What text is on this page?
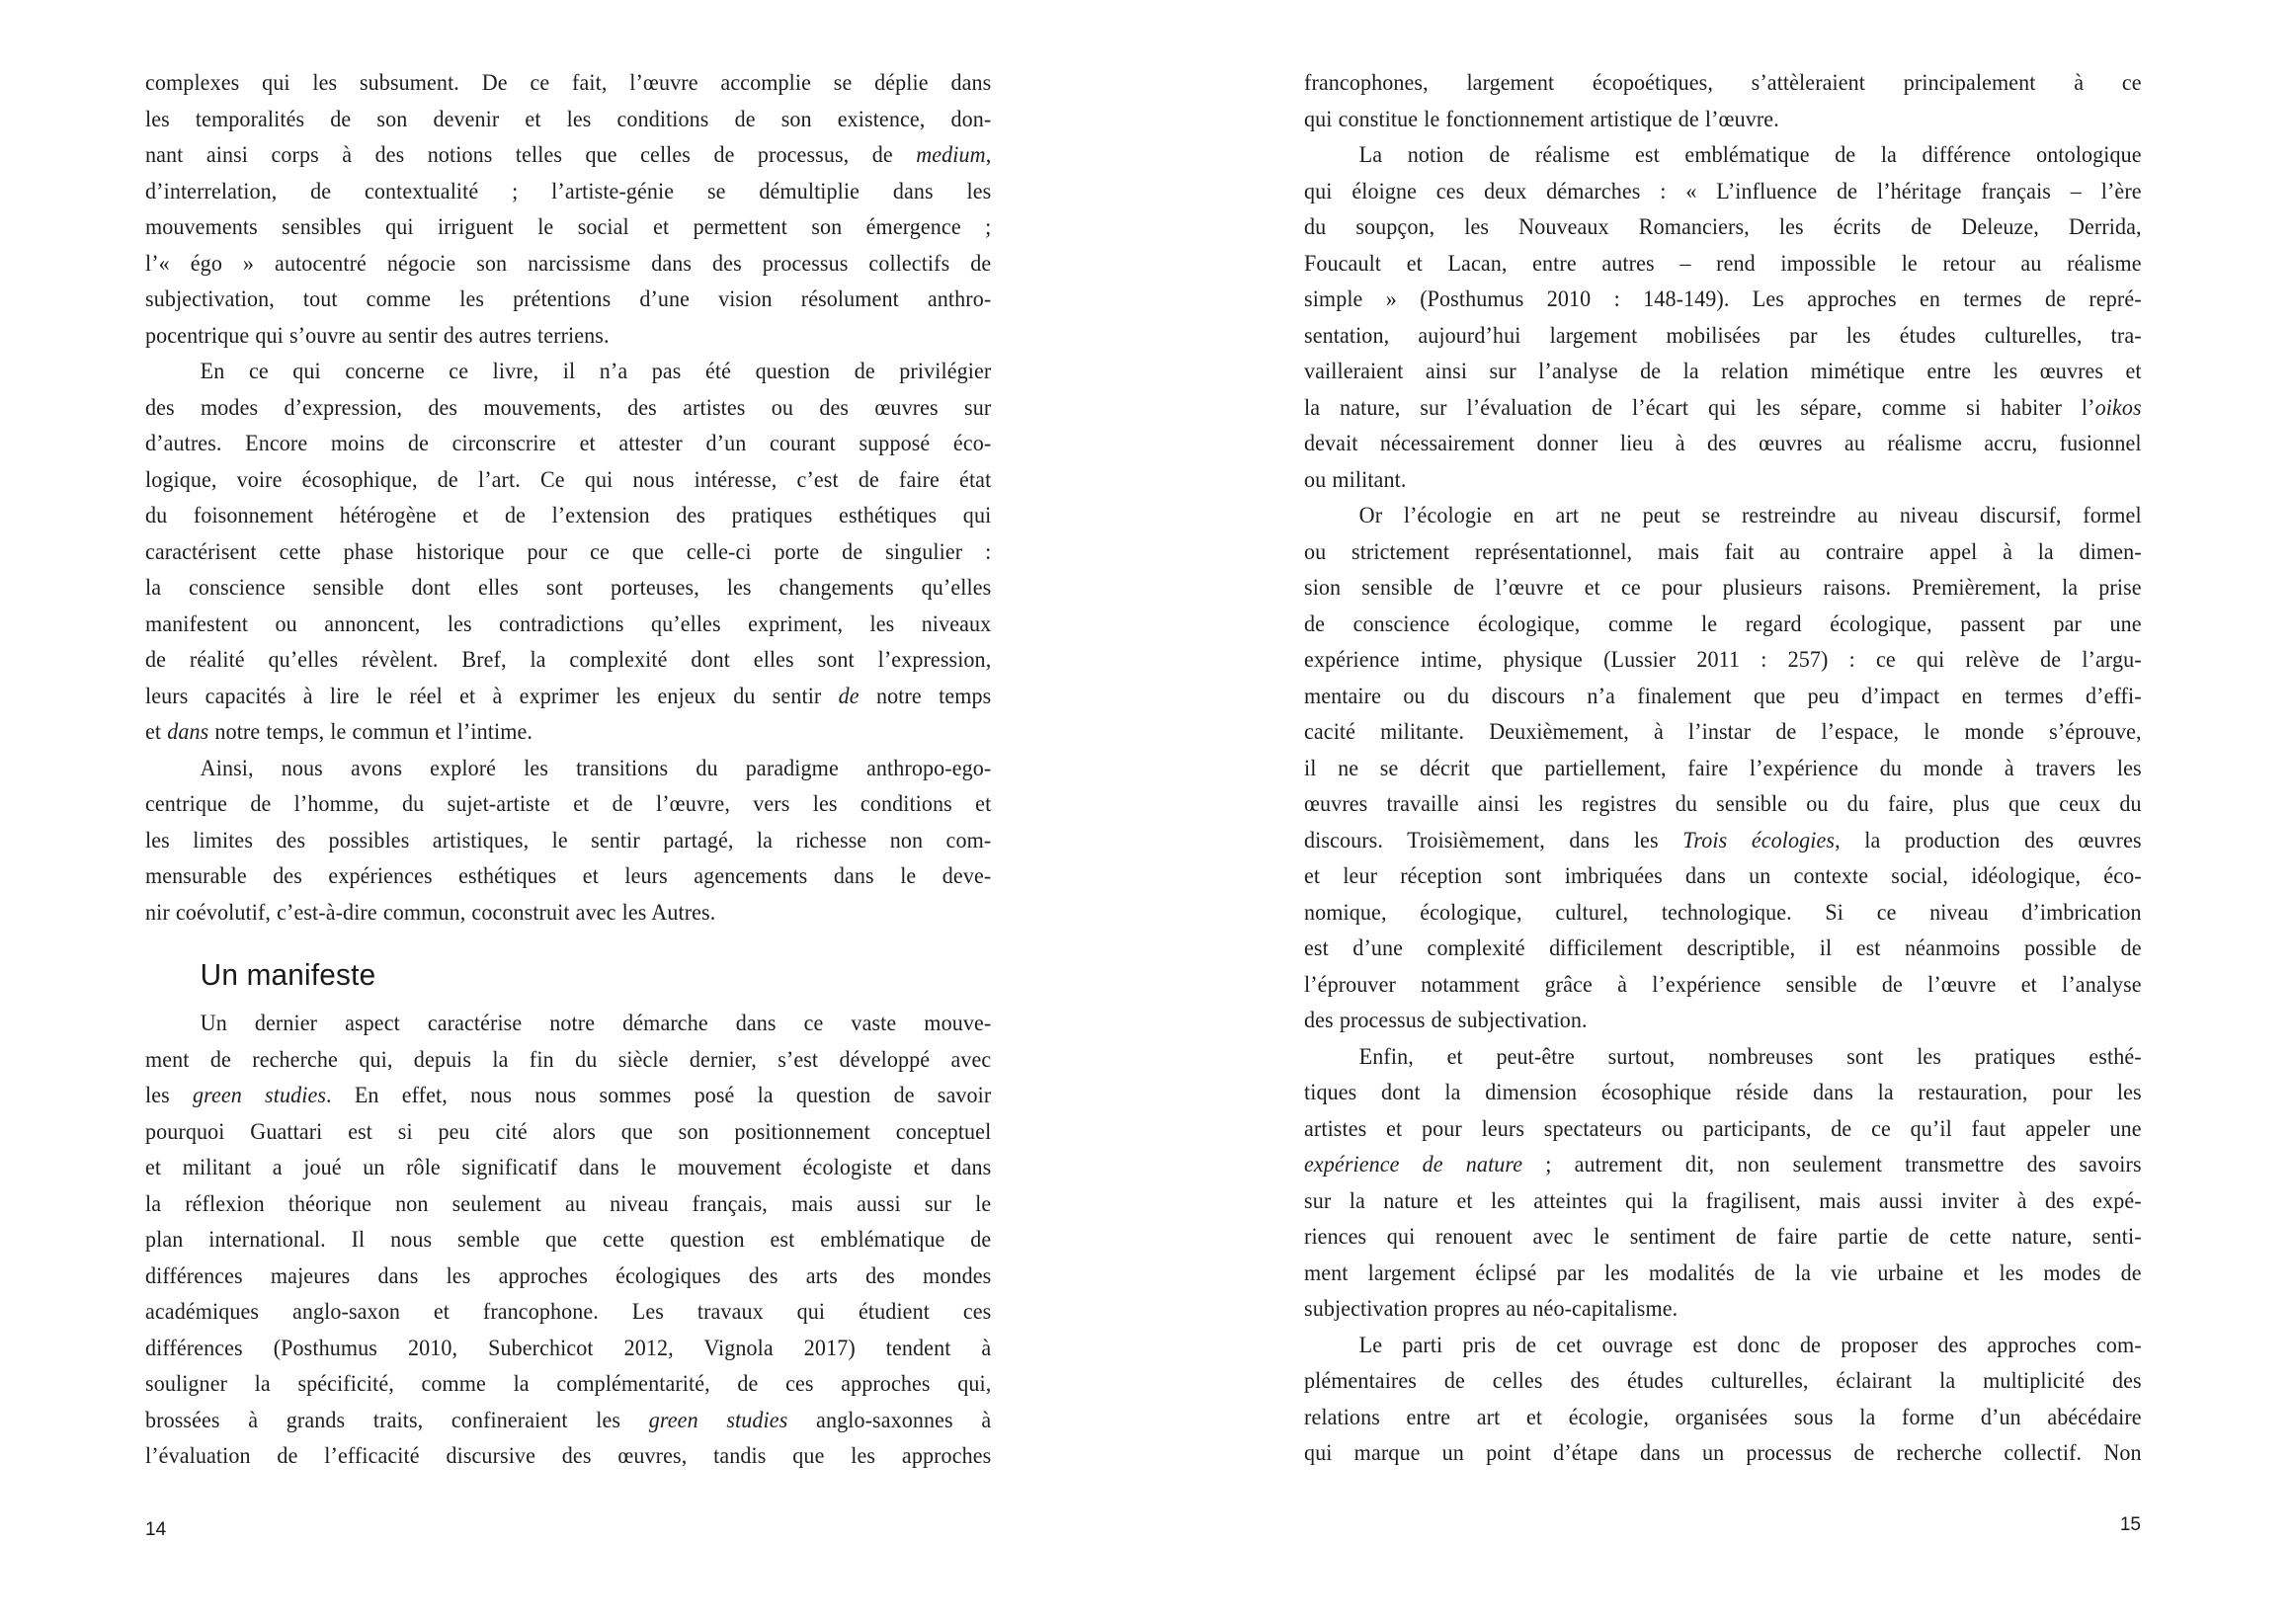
complexes qui les subsument. De ce fait, l’œuvre accomplie se déplie dans
les temporalités de son devenir et les conditions de son existence, don-
nant ainsi corps à des notions telles que celles de processus, de medium,
d’interrelation, de contextualité ; l’artiste-génie se démultiplie dans les
mouvements sensibles qui irriguent le social et permettent son émergence ;
l’« égo » autocentré négocie son narcissisme dans des processus collectifs de
subjectivation, tout comme les prétentions d’une vision résolument anthro-
pocentrique qui s’ouvre au sentir des autres terriens.
En ce qui concerne ce livre, il n’a pas été question de privilégier
des modes d’expression, des mouvements, des artistes ou des œuvres sur
d’autres. Encore moins de circonscrire et attester d’un courant supposé éco-
logique, voire écosophique, de l’art. Ce qui nous intéresse, c’est de faire état
du foisonnement hétérogène et de l’extension des pratiques esthétiques qui
caractérisent cette phase historique pour ce que celle-ci porte de singulier :
la conscience sensible dont elles sont porteuses, les changements qu’elles
manifestent ou annoncent, les contradictions qu’elles expriment, les niveaux
de réalité qu’elles révèlent. Bref, la complexité dont elles sont l’expression,
leurs capacités à lire le réel et à exprimer les enjeux du sentir de notre temps
et dans notre temps, le commun et l’intime.
Ainsi, nous avons exploré les transitions du paradigme anthropo-ego-
centrique de l’homme, du sujet-artiste et de l’œuvre, vers les conditions et
les limites des possibles artistiques, le sentir partagé, la richesse non com-
mensurable des expériences esthétiques et leurs agencements dans le deve-
nir coévolutif, c’est-à-dire commun, coconstruit avec les Autres.
Un manifeste
Un dernier aspect caractérise notre démarche dans ce vaste mouve-
ment de recherche qui, depuis la fin du siècle dernier, s’est développé avec
les green studies. En effet, nous nous sommes posé la question de savoir
pourquoi Guattari est si peu cité alors que son positionnement conceptuel
et militant a joué un rôle significatif dans le mouvement écologiste et dans
la réflexion théorique non seulement au niveau français, mais aussi sur le
plan international. Il nous semble que cette question est emblématique de
différences majeures dans les approches écologiques des arts des mondes
académiques anglo-saxon et francophone. Les travaux qui étudient ces
différences (Posthumus 2010, Suberchicot 2012, Vignola 2017) tendent à
souligner la spécificité, comme la complémentarité, de ces approches qui,
brossées à grands traits, confineraient les green studies anglo-saxonnes à
l’évaluation de l’efficacité discursive des œuvres, tandis que les approches
francophones, largement écopoétiques, s’attèleraient principalement à ce
qui constitue le fonctionnement artistique de l’œuvre.
La notion de réalisme est emblématique de la différence ontologique
qui éloigne ces deux démarches : « L’influence de l’héritage français – l’ère
du soupçon, les Nouveaux Romanciers, les écrits de Deleuze, Derrida,
Foucault et Lacan, entre autres – rend impossible le retour au réalisme
simple » (Posthumus 2010 : 148-149). Les approches en termes de repré-
sentation, aujourd’hui largement mobilisées par les études culturelles, tra-
vailleraient ainsi sur l’analyse de la relation mimétique entre les œuvres et
la nature, sur l’évaluation de l’écart qui les sépare, comme si habiter l’oikos
devait nécessairement donner lieu à des œuvres au réalisme accru, fusionnel
ou militant.
Or l’écologie en art ne peut se restreindre au niveau discursif, formel
ou strictement représentationnel, mais fait au contraire appel à la dimen-
sion sensible de l’œuvre et ce pour plusieurs raisons. Premièrement, la prise
de conscience écologique, comme le regard écologique, passent par une
expérience intime, physique (Lussier 2011 : 257) : ce qui relève de l’argu-
mentaire ou du discours n’a finalement que peu d’impact en termes d’effi-
cacité militante. Deuxièmement, à l’instar de l’espace, le monde s’éprouve,
il ne se décrit que partiellement, faire l’expérience du monde à travers les
œuvres travaille ainsi les registres du sensible ou du faire, plus que ceux du
discours. Troisièmement, dans les Trois écologies, la production des œuvres
et leur réception sont imbriquées dans un contexte social, idéologique, éco-
nomique, écologique, culturel, technologique. Si ce niveau d’imbrication
est d’une complexité difficilement descriptible, il est néanmoins possible de
l’éprouver notamment grâce à l’expérience sensible de l’œuvre et l’analyse
des processus de subjectivation.
Enfin, et peut-être surtout, nombreuses sont les pratiques esthé-
tiques dont la dimension écosophique réside dans la restauration, pour les
artistes et pour leurs spectateurs ou participants, de ce qu’il faut appeler une
expérience de nature ; autrement dit, non seulement transmettre des savoirs
sur la nature et les atteintes qui la fragilisent, mais aussi inviter à des expé-
riences qui renouent avec le sentiment de faire partie de cette nature, senti-
ment largement éclipsé par les modalités de la vie urbaine et les modes de
subjectivation propres au néo-capitalisme.
Le parti pris de cet ouvrage est donc de proposer des approches com-
plémentaires de celles des études culturelles, éclairant la multiplicité des
relations entre art et écologie, organisées sous la forme d’un abécédaire
qui marque un point d’étape dans un processus de recherche collectif. Non
14	15
